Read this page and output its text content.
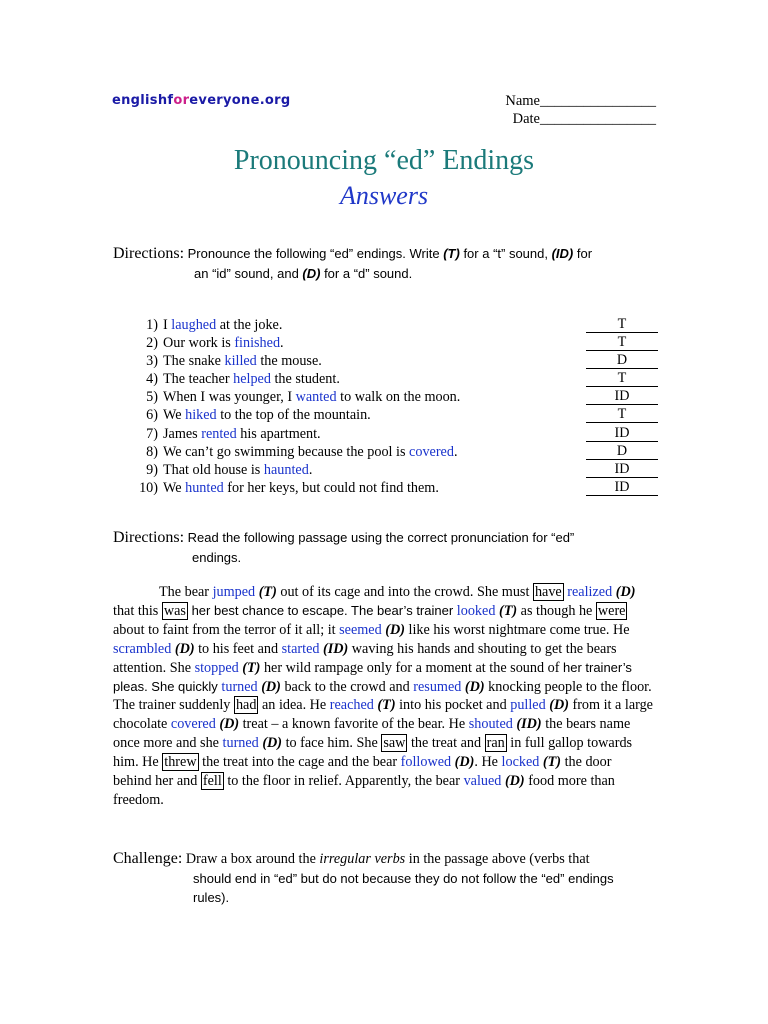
englishforeveryone.org	Name________________
Date________________
Pronouncing “ed” Endings
Answers
Directions: Pronounce the following “ed” endings. Write (T) for a “t” sound, (ID) for
an “id” sound, and (D) for a “d” sound.
1) I laughed at the joke.	T
2) Our work is finished.	T
3) The snake killed the mouse.	D
4) The teacher helped the student.	T
5) When I was younger, I wanted to walk on the moon.	ID
6) We hiked to the top of the mountain.	T
7) James rented his apartment.	ID
8) We can’t go swimming because the pool is covered.	D
9) That old house is haunted.	ID
10) We hunted for her keys, but could not find them.	ID
Directions: Read the following passage using the correct pronunciation for “ed”
endings.
The bear jumped (T) out of its cage and into the crowd. She must have realized (D) that this was her best chance to escape. The bear’s trainer looked (T) as though he were about to faint from the terror of it all; it seemed (D) like his worst nightmare come true. He scrambled (D) to his feet and started (ID) waving his hands and shouting to get the bears attention. She stopped (T) her wild rampage only for a moment at the sound of her trainer’s pleas. She quickly turned (D) back to the crowd and resumed (D) knocking people to the floor. The trainer suddenly had an idea. He reached (T) into his pocket and pulled (D) from it a large chocolate covered (D) treat – a known favorite of the bear. He shouted (ID) the bears name once more and she turned (D) to face him. She saw the treat and ran in full gallop towards him. He threw the treat into the cage and the bear followed (D). He locked (T) the door behind her and fell to the floor in relief. Apparently, the bear valued (D) food more than freedom.
Challenge: Draw a box around the irregular verbs in the passage above (verbs that
should end in “ed” but do not because they do not follow the “ed” endings
rules).
